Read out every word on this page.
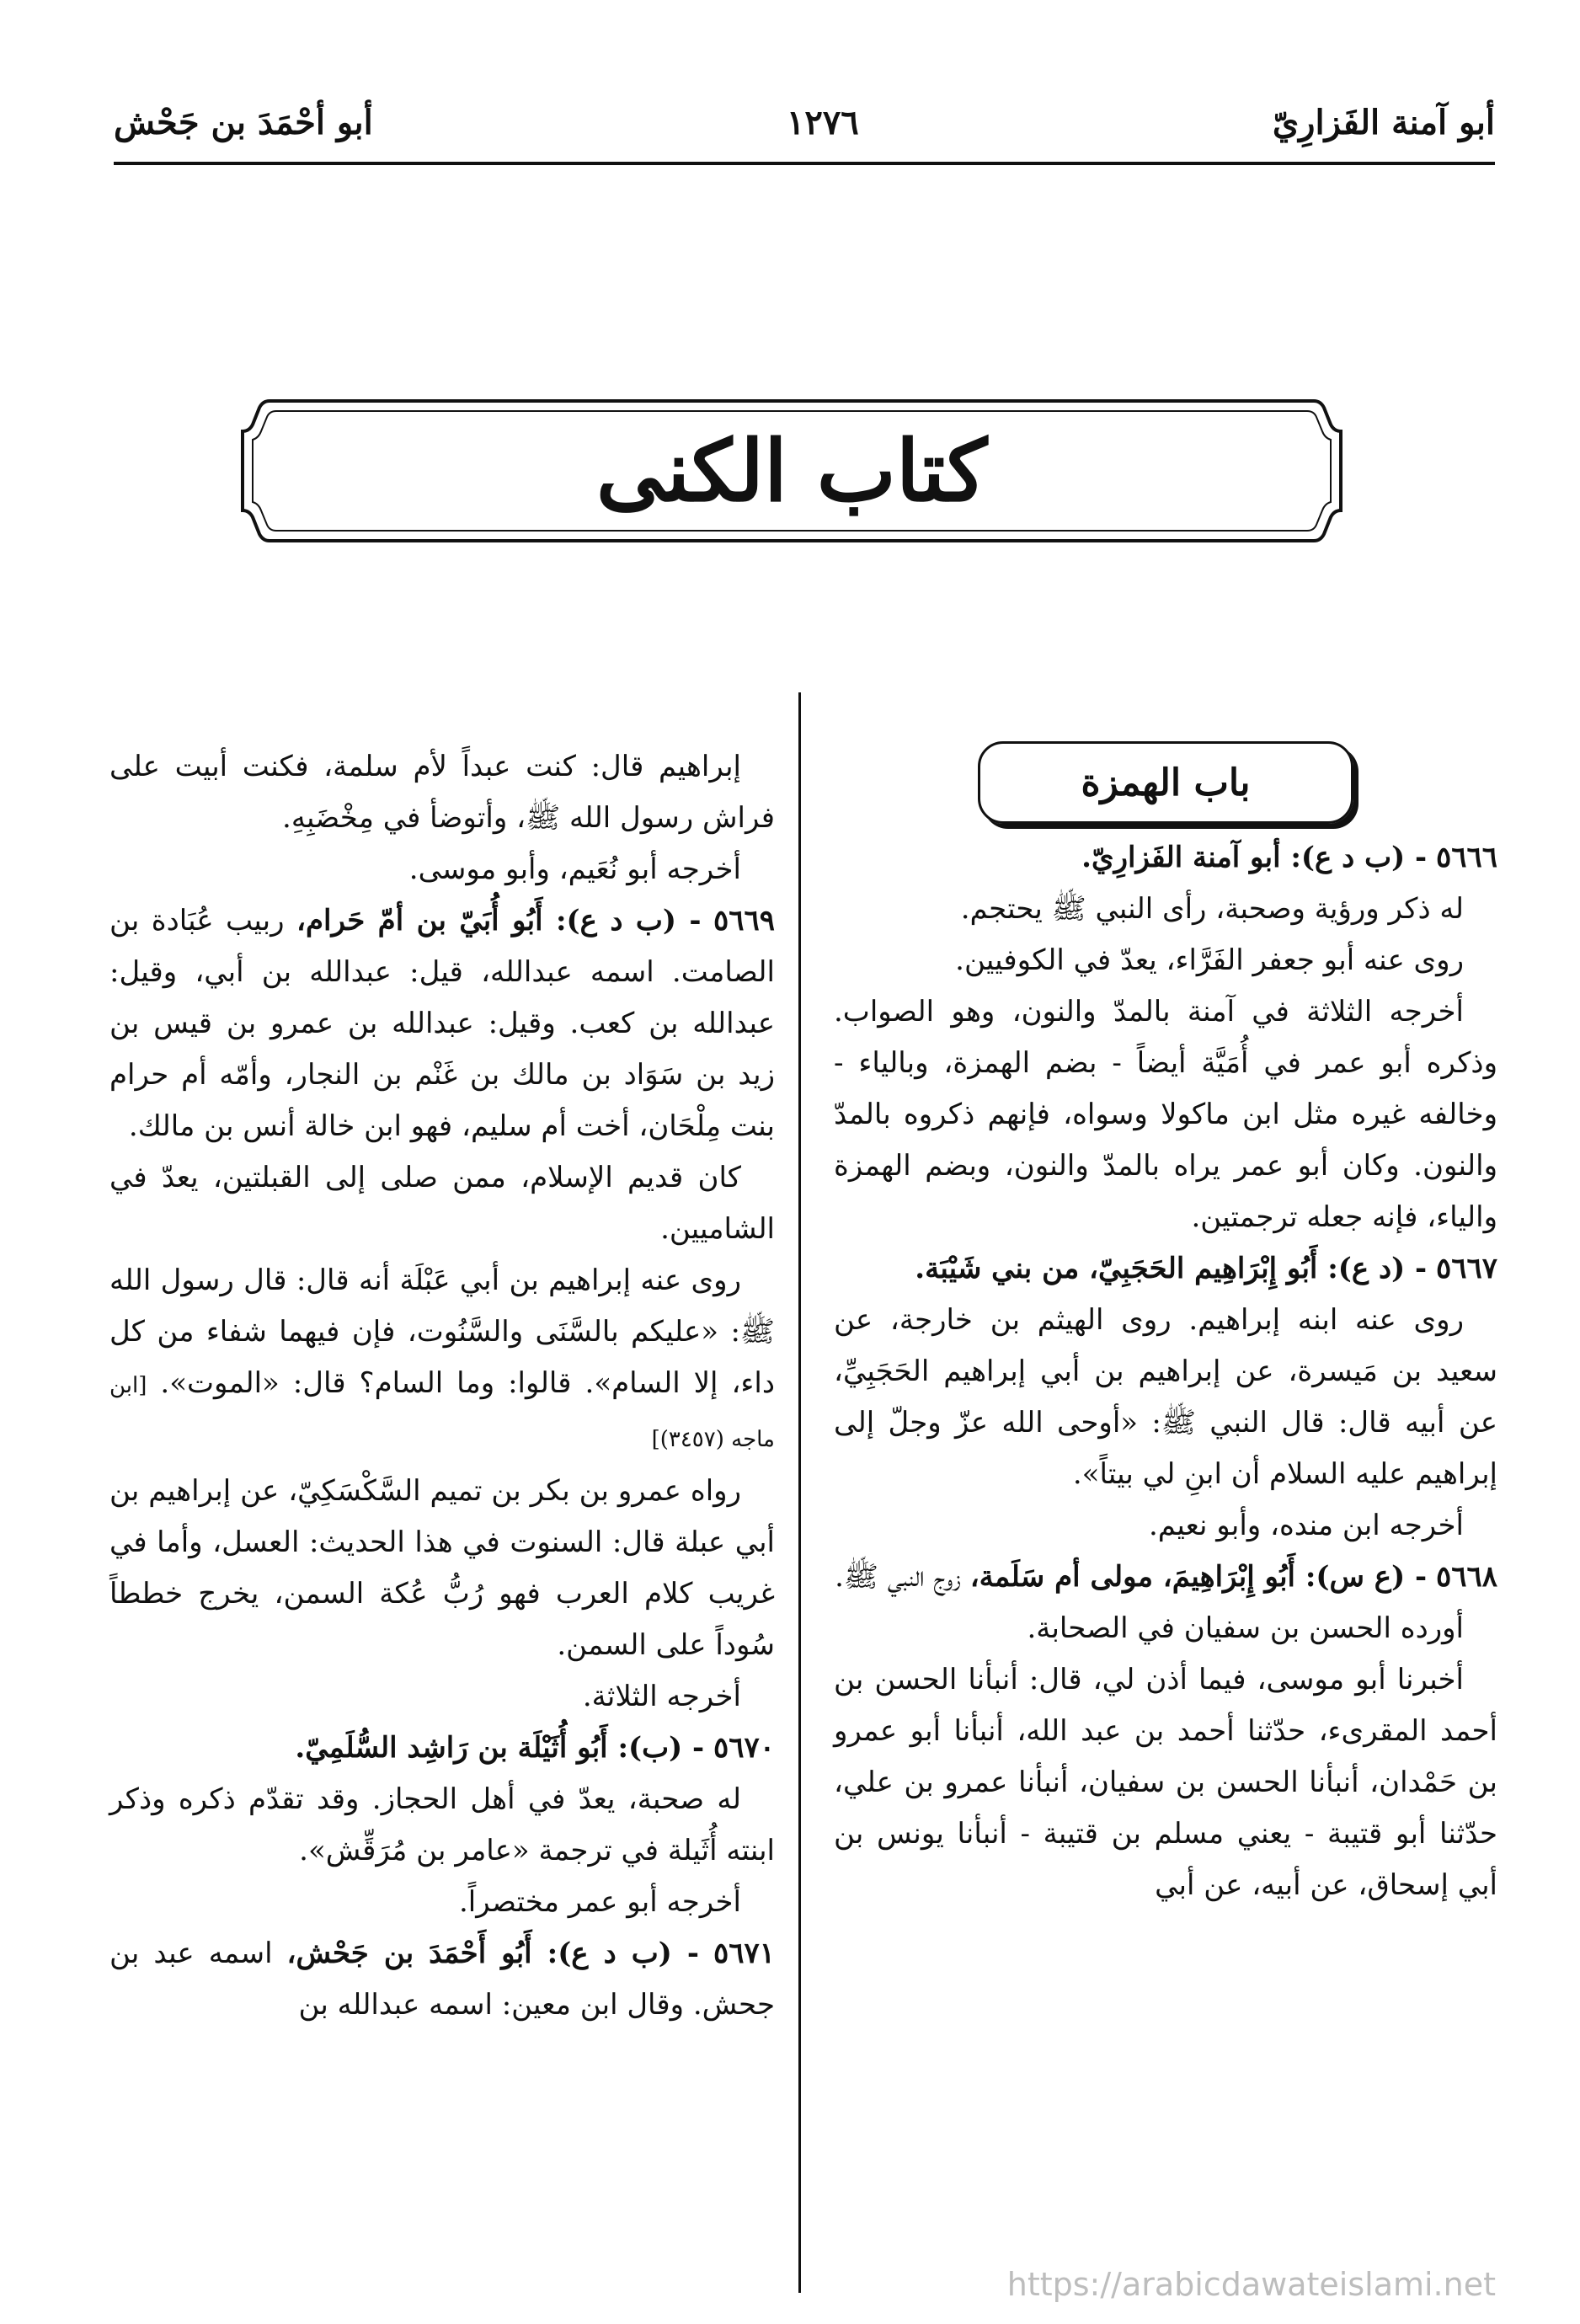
أبو آمنة الفَزارِيّ
١٢٧٦
أبو أحْمَدَ بن جَحْش
كتاب الكنى
باب الهمزة

٥٦٦٦ - (ب د ع): أبو آمنة الفَزارِيّ.

له ذكر ورؤية وصحبة، رأى النبي ﷺ يحتجم.

روى عنه أبو جعفر الفَرَّاء، يعدّ في الكوفيين.

أخرجه الثلاثة في آمنة بالمدّ والنون، وهو الصواب. وذكره أبو عمر في أُمَيَّة أيضاً - بضم الهمزة، وبالياء - وخالفه غيره مثل ابن ماكولا وسواه، فإنهم ذكروه بالمدّ والنون. وكان أبو عمر يراه بالمدّ والنون، وبضم الهمزة والياء، فإنه جعله ترجمتين.

٥٦٦٧ - (د ع): أَبُو إِبْرَاهِيم الحَجَبِيّ، من بني شَيْبَة.

روى عنه ابنه إبراهيم. روى الهيثم بن خارجة، عن سعيد بن مَيسرة، عن إبراهيم بن أبي إبراهيم الحَجَبِيِّ، عن أبيه قال: قال النبي ﷺ: «أوحى الله عزّ وجلّ إلى إبراهيم عليه السلام أن ابنِ لي بيتاً».

أخرجه ابن منده، وأبو نعيم.

٥٦٦٨ - (ع س): أَبُو إِبْرَاهِيمَ، مولى أم سَلَمة، زوج النبي ﷺ.

أورده الحسن بن سفيان في الصحابة.

أخبرنا أبو موسى، فيما أذن لي، قال: أنبأنا الحسن بن أحمد المقرىء، حدّثنا أحمد بن عبد الله، أنبأنا أبو عمرو بن حَمْدان، أنبأنا الحسن بن سفيان، أنبأنا عمرو بن علي، حدّثنا أبو قتيبة - يعني مسلم بن قتيبة - أنبأنا يونس بن أبي إسحاق، عن أبيه، عن أبي

إبراهيم قال: كنت عبداً لأم سلمة، فكنت أبيت على فراش رسول الله ﷺ، وأتوضأ في مِخْضَبِهِ.

أخرجه أبو نُعَيم، وأبو موسى.

٥٦٦٩ - (ب د ع): أَبُو أُبَيّ بن أمّ حَرام، ربيب عُبَادة بن الصامت. اسمه عبدالله، قيل: عبدالله بن أبي، وقيل: عبدالله بن كعب. وقيل: عبدالله بن عمرو بن قيس بن زيد بن سَوَاد بن مالك بن غَنْم بن النجار، وأمّه أم حرام بنت مِلْحَان، أخت أم سليم، فهو ابن خالة أنس بن مالك.

كان قديم الإسلام، ممن صلى إلى القبلتين، يعدّ في الشاميين.

روى عنه إبراهيم بن أبي عَبْلَة أنه قال: قال رسول الله ﷺ: «عليكم بالسَّنَى والسَّنُوت، فإن فيهما شفاء من كل داء، إلا السام». قالوا: وما السام؟ قال: «الموت». [ابن ماجه (٣٤٥٧)]

رواه عمرو بن بكر بن تميم السَّكْسَكِيّ، عن إبراهيم بن أبي عبلة قال: السنوت في هذا الحديث: العسل، وأما في غريب كلام العرب فهو رُبُّ عُكة السمن، يخرج خططاً سُوداً على السمن.

أخرجه الثلاثة.

٥٦٧٠ - (ب): أَبُو أُثَيْلَة بن رَاشِد السُّلَمِيّ.

له صحبة، يعدّ في أهل الحجاز. وقد تقدّم ذكره وذكر ابنته أُثَيلة في ترجمة «عامر بن مُرَقِّش».

أخرجه أبو عمر مختصراً.

٥٦٧١ - (ب د ع): أَبُو أَحْمَدَ بن جَحْش، اسمه عبد بن جحش. وقال ابن معين: اسمه عبدالله بن

https://arabicdawateislami.net
